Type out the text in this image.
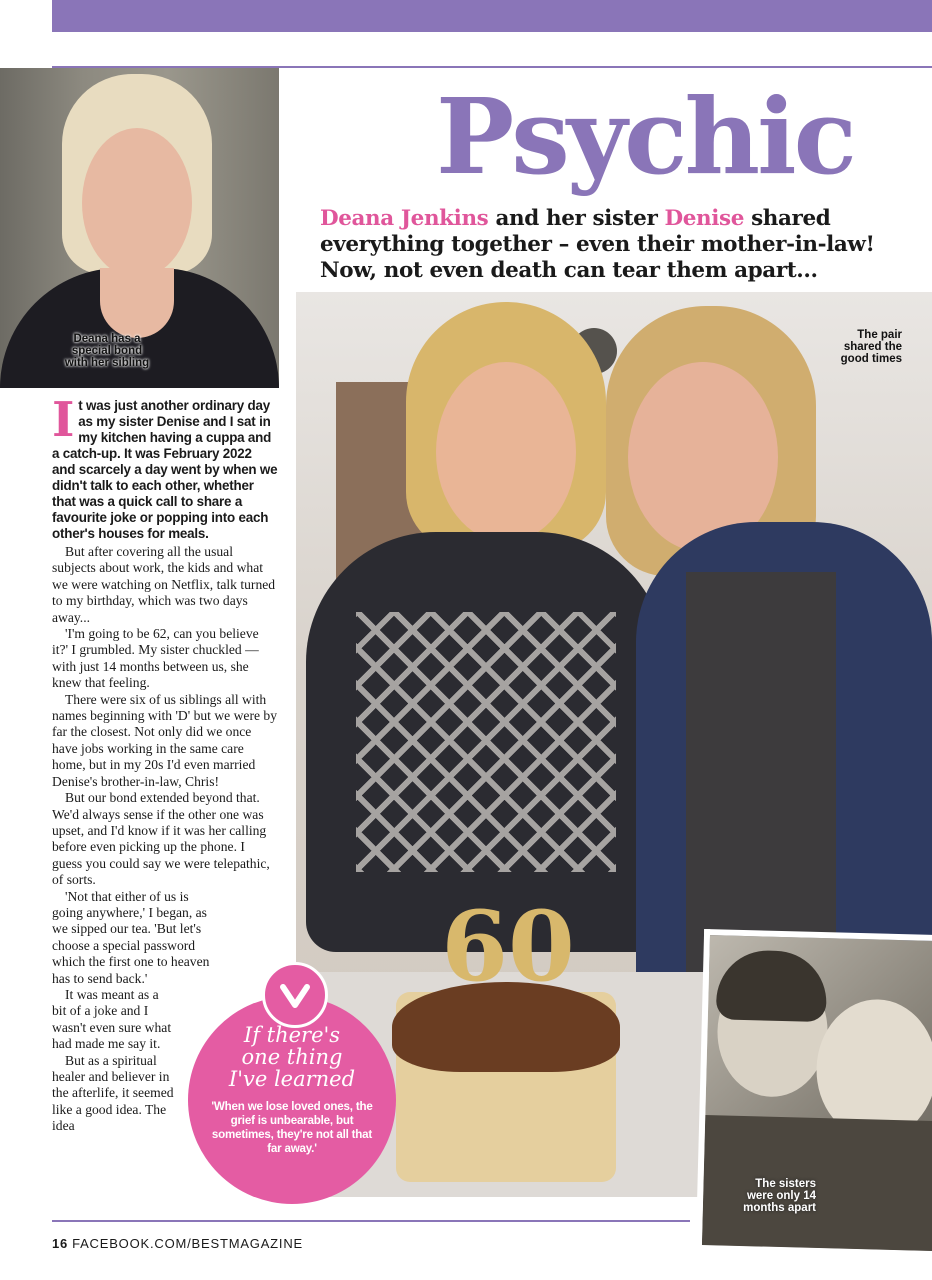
Deana has a
special bond
with her sibling
Psychic
Deana Jenkins and her sister Denise shared everything together – even their mother-in-law! Now, not even death can tear them apart...
60
The pair
shared the
good times
The sisters
were only 14
months apart

It was just another ordinary day as my sister Denise and I sat in my kitchen having a cuppa and a catch-up. It was February 2022 and scarcely a day went by when we didn't talk to each other, whether that was a quick call to share a favourite joke or popping into each other's houses for meals.

But after covering all the usual subjects about work, the kids and what we were watching on Netflix, talk turned to my birthday, which was two days away...

'I'm going to be 62, can you believe it?' I grumbled. My sister chuckled —with just 14 months between us, she knew that feeling.

There were six of us siblings all with names beginning with 'D' but we were by far the closest. Not only did we once have jobs working in the same care home, but in my 20s I'd even married Denise's brother-in-law, Chris!

But our bond extended beyond that. We'd always sense if the other one was upset, and I'd know if it was her calling before even picking up the phone. I guess you could say we were telepathic, of sorts.

'Not that either of us is going anywhere,' I began, as we sipped our tea. 'But let's choose a special password which the first one to heaven has to send back.'

It was meant as a bit of a joke and I wasn't even sure what had made me say it.

But as a spiritual healer and believer in the afterlife, it seemed like a good idea. The idea

If there's
one thing
I've learned
'When we lose loved ones, the grief is unbearable, but sometimes, they're not all that far away.'
16 FACEBOOK.COM/BESTMAGAZINE
